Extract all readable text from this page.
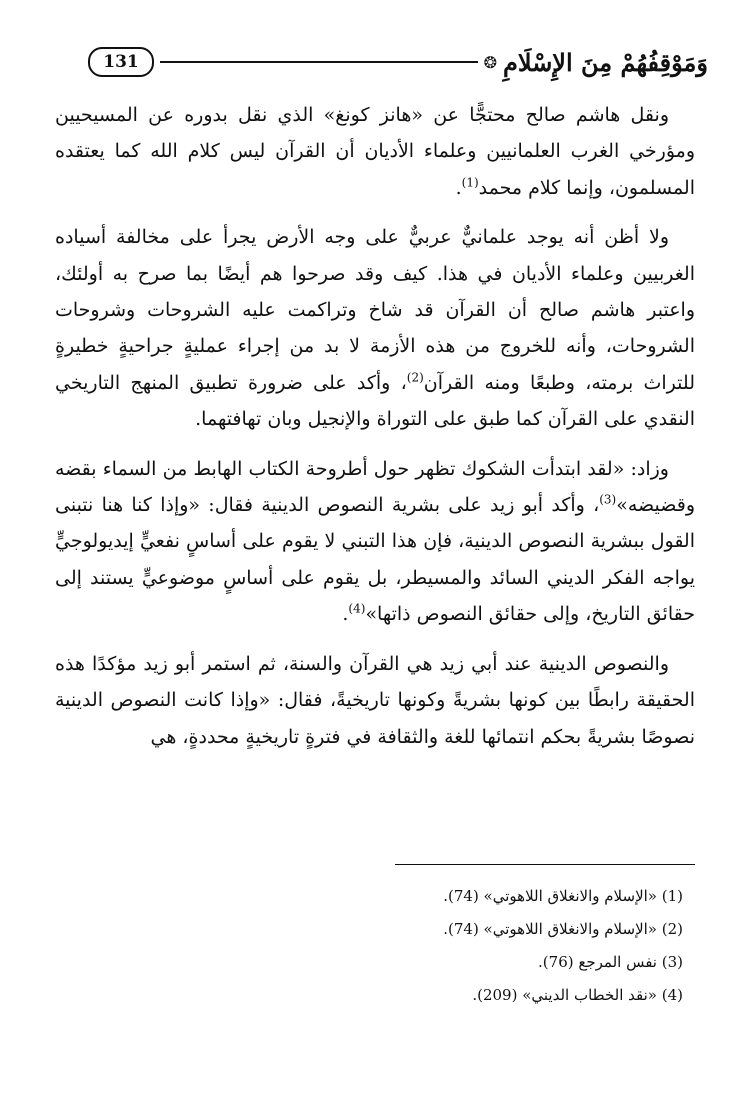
131	❂ وَمَوْقِفُهُمْ مِنَ الإِسْلَامِ

ونقل هاشم صالح محتجًّا عن «هانز كونغ» الذي نقل بدوره عن المسيحيين ومؤرخي الغرب العلمانيين وعلماء الأديان أن القرآن ليس كلام الله كما يعتقده المسلمون، وإنما كلام محمد$^{(1)}$.

ولا أظن أنه يوجد علمانيٌّ عربيٌّ على وجه الأرض يجرأ على مخالفة أسياده الغربيين وعلماء الأديان في هذا. كيف وقد صرحوا هم أيضًا بما صرح به أولئك، واعتبر هاشم صالح أن القرآن قد شاخ وتراكمت عليه الشروحات وشروحات الشروحات، وأنه للخروج من هذه الأزمة لا بد من إجراء عمليةٍ جراحيةٍ خطيرةٍ للتراث برمته، وطبعًا ومنه القرآن$^{(2)}$، وأكد على ضرورة تطبيق المنهج التاريخي النقدي على القرآن كما طبق على التوراة والإنجيل وبان تهافتهما.

وزاد: «لقد ابتدأت الشكوك تظهر حول أطروحة الكتاب الهابط من السماء بقضه وقضيضه»$^{(3)}$، وأكد أبو زيد على بشرية النصوص الدينية فقال: «وإذا كنا هنا نتبنى القول ببشرية النصوص الدينية، فإن هذا التبني لا يقوم على أساسٍ نفعيٍّ إيديولوجيٍّ يواجه الفكر الديني السائد والمسيطر، بل يقوم على أساسٍ موضوعيٍّ يستند إلى حقائق التاريخ، وإلى حقائق النصوص ذاتها»$^{(4)}$.

والنصوص الدينية عند أبي زيد هي القرآن والسنة، ثم استمر أبو زيد مؤكدًا هذه الحقيقة رابطًا بين كونها بشريةً وكونها تاريخيةً، فقال: «وإذا كانت النصوص الدينية نصوصًا بشريةً بحكم انتمائها للغة والثقافة في فترةٍ تاريخيةٍ محددةٍ، هي

(1) «الإسلام والانغلاق اللاهوتي» (74).
(2) «الإسلام والانغلاق اللاهوتي» (74).
(3) نفس المرجع (76).
(4) «نقد الخطاب الديني» (209).
